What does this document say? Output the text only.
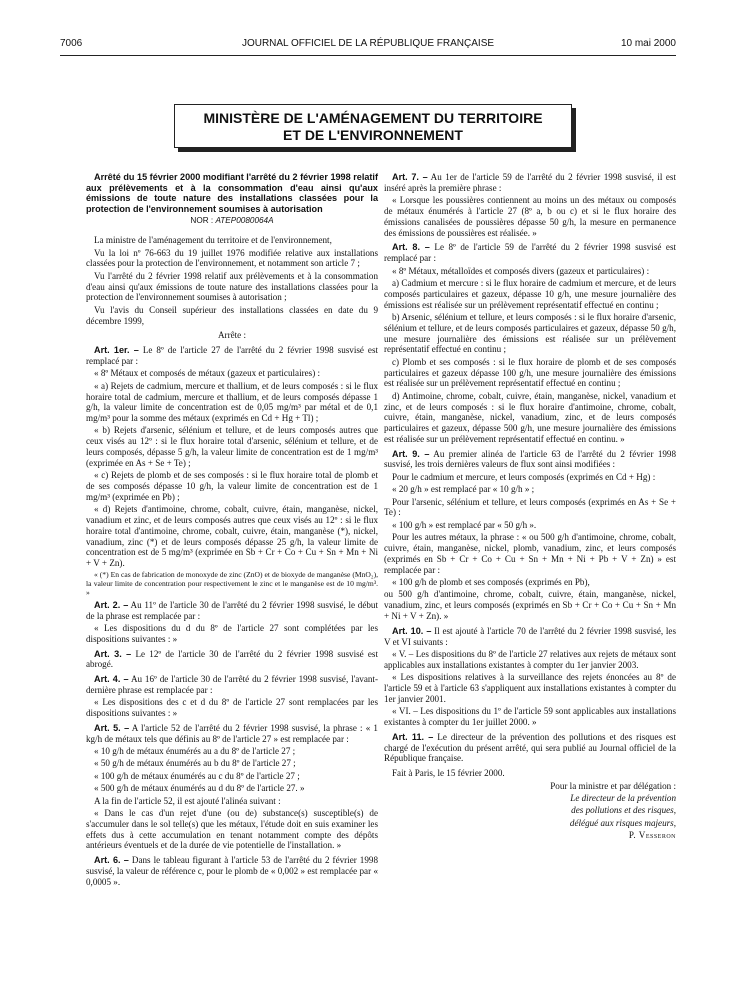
7006	JOURNAL OFFICIEL DE LA RÉPUBLIQUE FRANÇAISE	10 mai 2000
MINISTÈRE DE L'AMÉNAGEMENT DU TERRITOIRE
ET DE L'ENVIRONNEMENT

Arrêté du 15 février 2000 modifiant l'arrêté du 2 février 1998 relatif aux prélèvements et à la consommation d'eau ainsi qu'aux émissions de toute nature des installations classées pour la protection de l'environnement soumises à autorisation

NOR : ATEP0080064A

La ministre de l'aménagement du territoire et de l'environnement,

Vu la loi nº 76-663 du 19 juillet 1976 modifiée relative aux installations classées pour la protection de l'environnement, et notamment son article 7 ;

Vu l'arrêté du 2 février 1998 relatif aux prélèvements et à la consommation d'eau ainsi qu'aux émissions de toute nature des installations classées pour la protection de l'environnement soumises à autorisation ;

Vu l'avis du Conseil supérieur des installations classées en date du 9 décembre 1999,

Arrête :

Art. 1er. – Le 8º de l'article 27 de l'arrêté du 2 février 1998 susvisé est remplacé par :

« 8º Métaux et composés de métaux (gazeux et particulaires) :

« a) Rejets de cadmium, mercure et thallium, et de leurs composés : si le flux horaire total de cadmium, mercure et thallium, et de leurs composés dépasse 1 g/h, la valeur limite de concentration est de 0,05 mg/m³ par métal et de 0,1 mg/m³ pour la somme des métaux (exprimés en Cd + Hg + Tl) ;

« b) Rejets d'arsenic, sélénium et tellure, et de leurs composés autres que ceux visés au 12º : si le flux horaire total d'arsenic, sélénium et tellure, et de leurs composés, dépasse 5 g/h, la valeur limite de concentration est de 1 mg/m³ (exprimée en As + Se + Te) ;

« c) Rejets de plomb et de ses composés : si le flux horaire total de plomb et de ses composés dépasse 10 g/h, la valeur limite de concentration est de 1 mg/m³ (exprimée en Pb) ;

« d) Rejets d'antimoine, chrome, cobalt, cuivre, étain, manganèse, nickel, vanadium et zinc, et de leurs composés autres que ceux visés au 12º : si le flux horaire total d'antimoine, chrome, cobalt, cuivre, étain, manganèse (*), nickel, vanadium, zinc (*) et de leurs composés dépasse 25 g/h, la valeur limite de concentration est de 5 mg/m³ (exprimée en Sb + Cr + Co + Cu + Sn + Mn + Ni + V + Zn).

« (*) En cas de fabrication de monoxyde de zinc (ZnO) et de bioxyde de manganèse (MnO₂), la valeur limite de concentration pour respectivement le zinc et le manganèse est de 10 mg/m³. »

Art. 2. – Au 11º de l'article 30 de l'arrêté du 2 février 1998 susvisé, le début de la phrase est remplacée par :

« Les dispositions du d du 8º de l'article 27 sont complétées par les dispositions suivantes : »

Art. 3. – Le 12º de l'article 30 de l'arrêté du 2 février 1998 susvisé est abrogé.

Art. 4. – Au 16º de l'article 30 de l'arrêté du 2 février 1998 susvisé, l'avant-dernière phrase est remplacée par :

« Les dispositions des c et d du 8º de l'article 27 sont remplacées par les dispositions suivantes : »

Art. 5. – A l'article 52 de l'arrêté du 2 février 1998 susvisé, la phrase : « 1 kg/h de métaux tels que définis au 8º de l'article 27 » est remplacée par :

« 10 g/h de métaux énumérés au a du 8º de l'article 27 ;

« 50 g/h de métaux énumérés au b du 8º de l'article 27 ;

« 100 g/h de métaux énumérés au c du 8º de l'article 27 ;

« 500 g/h de métaux énumérés au d du 8º de l'article 27. »

A la fin de l'article 52, il est ajouté l'alinéa suivant :

« Dans le cas d'un rejet d'une (ou de) substance(s) susceptible(s) de s'accumuler dans le sol telle(s) que les métaux, l'étude doit en suis examiner les effets dus à cette accumulation en tenant notamment compte des dépôts antérieurs éventuels et de la durée de vie potentielle de l'installation. »

Art. 6. – Dans le tableau figurant à l'article 53 de l'arrêté du 2 février 1998 susvisé, la valeur de référence c, pour le plomb de « 0,002 » est remplacée par « 0,0005 ».

Art. 7. – Au 1er de l'article 59 de l'arrêté du 2 février 1998 susvisé, il est inséré après la première phrase :

« Lorsque les poussières contiennent au moins un des métaux ou composés de métaux énumérés à l'article 27 (8º a, b ou c) et si le flux horaire des émissions canalisées de poussières dépasse 50 g/h, la mesure en permanence des émissions de poussières est réalisée. »

Art. 8. – Le 8º de l'article 59 de l'arrêté du 2 février 1998 susvisé est remplacé par :

« 8º Métaux, métalloïdes et composés divers (gazeux et particulaires) :

a) Cadmium et mercure : si le flux horaire de cadmium et mercure, et de leurs composés particulaires et gazeux, dépasse 10 g/h, une mesure journalière des émissions est réalisée sur un prélèvement représentatif effectué en continu ;

b) Arsenic, sélénium et tellure, et leurs composés : si le flux horaire d'arsenic, sélénium et tellure, et de leurs composés particulaires et gazeux, dépasse 50 g/h, une mesure journalière des émissions est réalisée sur un prélèvement représentatif effectué en continu ;

c) Plomb et ses composés : si le flux horaire de plomb et de ses composés particulaires et gazeux dépasse 100 g/h, une mesure journalière des émissions est réalisée sur un prélèvement représentatif effectué en continu ;

d) Antimoine, chrome, cobalt, cuivre, étain, manganèse, nickel, vanadium et zinc, et de leurs composés : si le flux horaire d'antimoine, chrome, cobalt, cuivre, étain, manganèse, nickel, vanadium, zinc, et de leurs composés particulaires et gazeux, dépasse 500 g/h, une mesure journalière des émissions est réalisée sur un prélèvement représentatif effectué en continu. »

Art. 9. – Au premier alinéa de l'article 63 de l'arrêté du 2 février 1998 susvisé, les trois dernières valeurs de flux sont ainsi modifiées :

Pour le cadmium et mercure, et leurs composés (exprimés en Cd + Hg) :

« 20 g/h » est remplacé par « 10 g/h » ;

Pour l'arsenic, sélénium et tellure, et leurs composés (exprimés en As + Se + Te) :

« 100 g/h » est remplacé par « 50 g/h ».

Pour les autres métaux, la phrase : « ou 500 g/h d'antimoine, chrome, cobalt, cuivre, étain, manganèse, nickel, plomb, vanadium, zinc, et leurs composés (exprimés en Sb + Cr + Co + Cu + Sn + Mn + Ni + Pb + V + Zn) » est remplacée par :

« 100 g/h de plomb et ses composés (exprimés en Pb),

ou 500 g/h d'antimoine, chrome, cobalt, cuivre, étain, manganèse, nickel, vanadium, zinc, et leurs composés (exprimés en Sb + Cr + Co + Cu + Sn + Mn + Ni + V + Zn). »

Art. 10. – Il est ajouté à l'article 70 de l'arrêté du 2 février 1998 susvisé, les V et VI suivants :

« V. – Les dispositions du 8º de l'article 27 relatives aux rejets de métaux sont applicables aux installations existantes à compter du 1er janvier 2003.

« Les dispositions relatives à la surveillance des rejets énoncées au 8º de l'article 59 et à l'article 63 s'appliquent aux installations existantes à compter du 1er janvier 2001.

« VI. – Les dispositions du 1º de l'article 59 sont applicables aux installations existantes à compter du 1er juillet 2000. »

Art. 11. – Le directeur de la prévention des pollutions et des risques est chargé de l'exécution du présent arrêté, qui sera publié au Journal officiel de la République française.

Fait à Paris, le 15 février 2000.

Pour la ministre et par délégation :

Le directeur de la prévention

des pollutions et des risques,

délégué aux risques majeurs,

P. Vesseron
